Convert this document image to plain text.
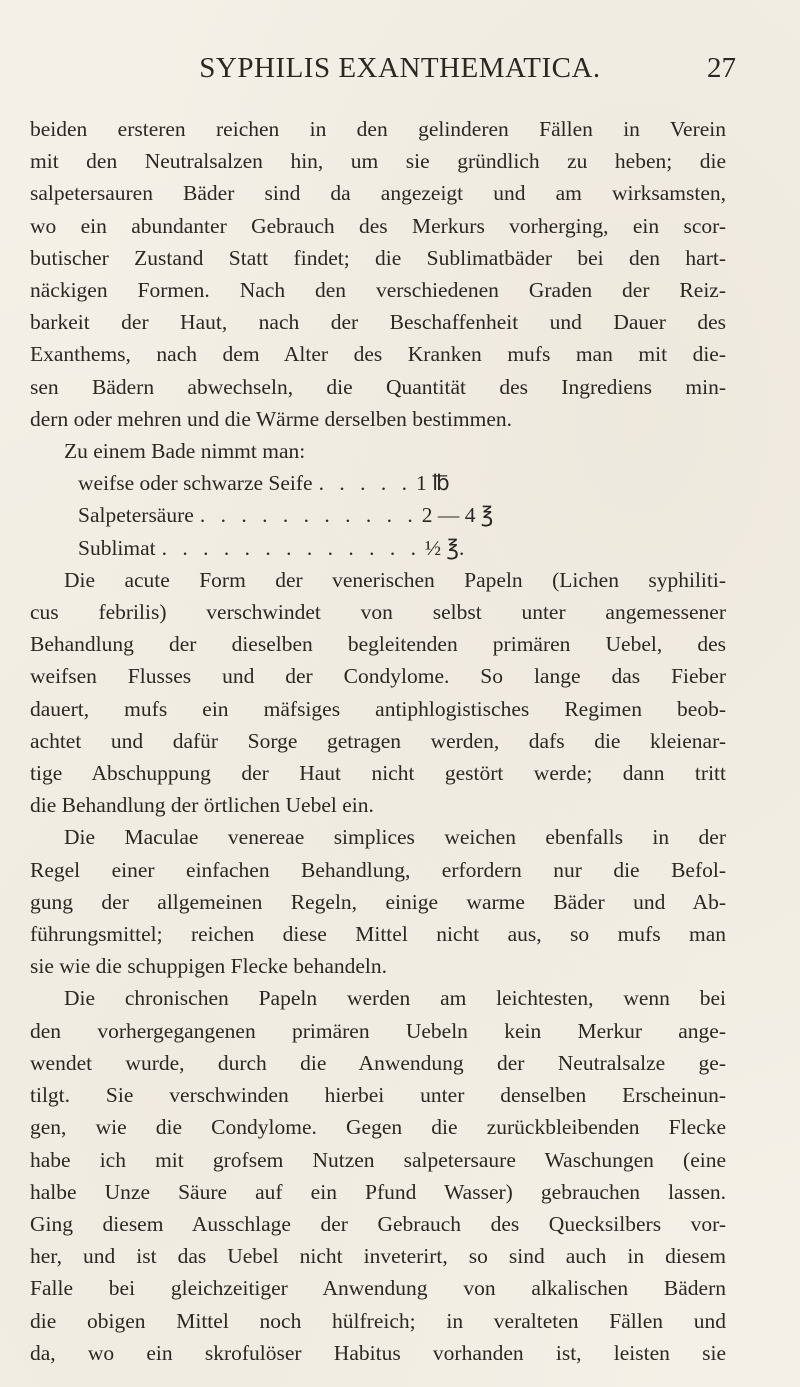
SYPHILIS EXANTHEMATICA.	27
beiden ersteren reichen in den gelinderen Fällen in Verein
mit den Neutralsalzen hin, um sie gründlich zu heben; die
salpetersauren Bäder sind da angezeigt und am wirksamsten,
wo ein abundanter Gebrauch des Merkurs vorherging, ein scor-
butischer Zustand Statt findet; die Sublimatbäder bei den hart-
näckigen Formen. Nach den verschiedenen Graden der Reiz-
barkeit der Haut, nach der Beschaffenheit und Dauer des
Exanthems, nach dem Alter des Kranken mufs man mit die-
sen Bädern abwechseln, die Quantität des Ingrediens min-
dern oder mehren und die Wärme derselben bestimmen.
Zu einem Bade nimmt man:
weifse oder schwarze Seife . . . . . 1 ℔
Salpetersäure . . . . . . . . . . . 2 — 4 ℥
Sublimat . . . . . . . . . . . . . ½ ℥.
Die acute Form der venerischen Papeln (Lichen syphiliti-
cus febrilis) verschwindet von selbst unter angemessener
Behandlung der dieselben begleitenden primären Uebel, des
weifsen Flusses und der Condylome. So lange das Fieber
dauert, mufs ein mäfsiges antiphlogistisches Regimen beob-
achtet und dafür Sorge getragen werden, dafs die kleienar-
tige Abschuppung der Haut nicht gestört werde; dann tritt
die Behandlung der örtlichen Uebel ein.
Die Maculae venereae simplices weichen ebenfalls in der
Regel einer einfachen Behandlung, erfordern nur die Befol-
gung der allgemeinen Regeln, einige warme Bäder und Ab-
führungsmittel; reichen diese Mittel nicht aus, so mufs man
sie wie die schuppigen Flecke behandeln.
Die chronischen Papeln werden am leichtesten, wenn bei
den vorhergegangenen primären Uebeln kein Merkur ange-
wendet wurde, durch die Anwendung der Neutralsalze ge-
tilgt. Sie verschwinden hierbei unter denselben Erscheinun-
gen, wie die Condylome. Gegen die zurückbleibenden Flecke
habe ich mit grofsem Nutzen salpetersaure Waschungen (eine
halbe Unze Säure auf ein Pfund Wasser) gebrauchen lassen.
Ging diesem Ausschlage der Gebrauch des Quecksilbers vor-
her, und ist das Uebel nicht inveterirt, so sind auch in diesem
Falle bei gleichzeitiger Anwendung von alkalischen Bädern
die obigen Mittel noch hülfreich; in veralteten Fällen und
da, wo ein skrofulöser Habitus vorhanden ist, leisten sie
